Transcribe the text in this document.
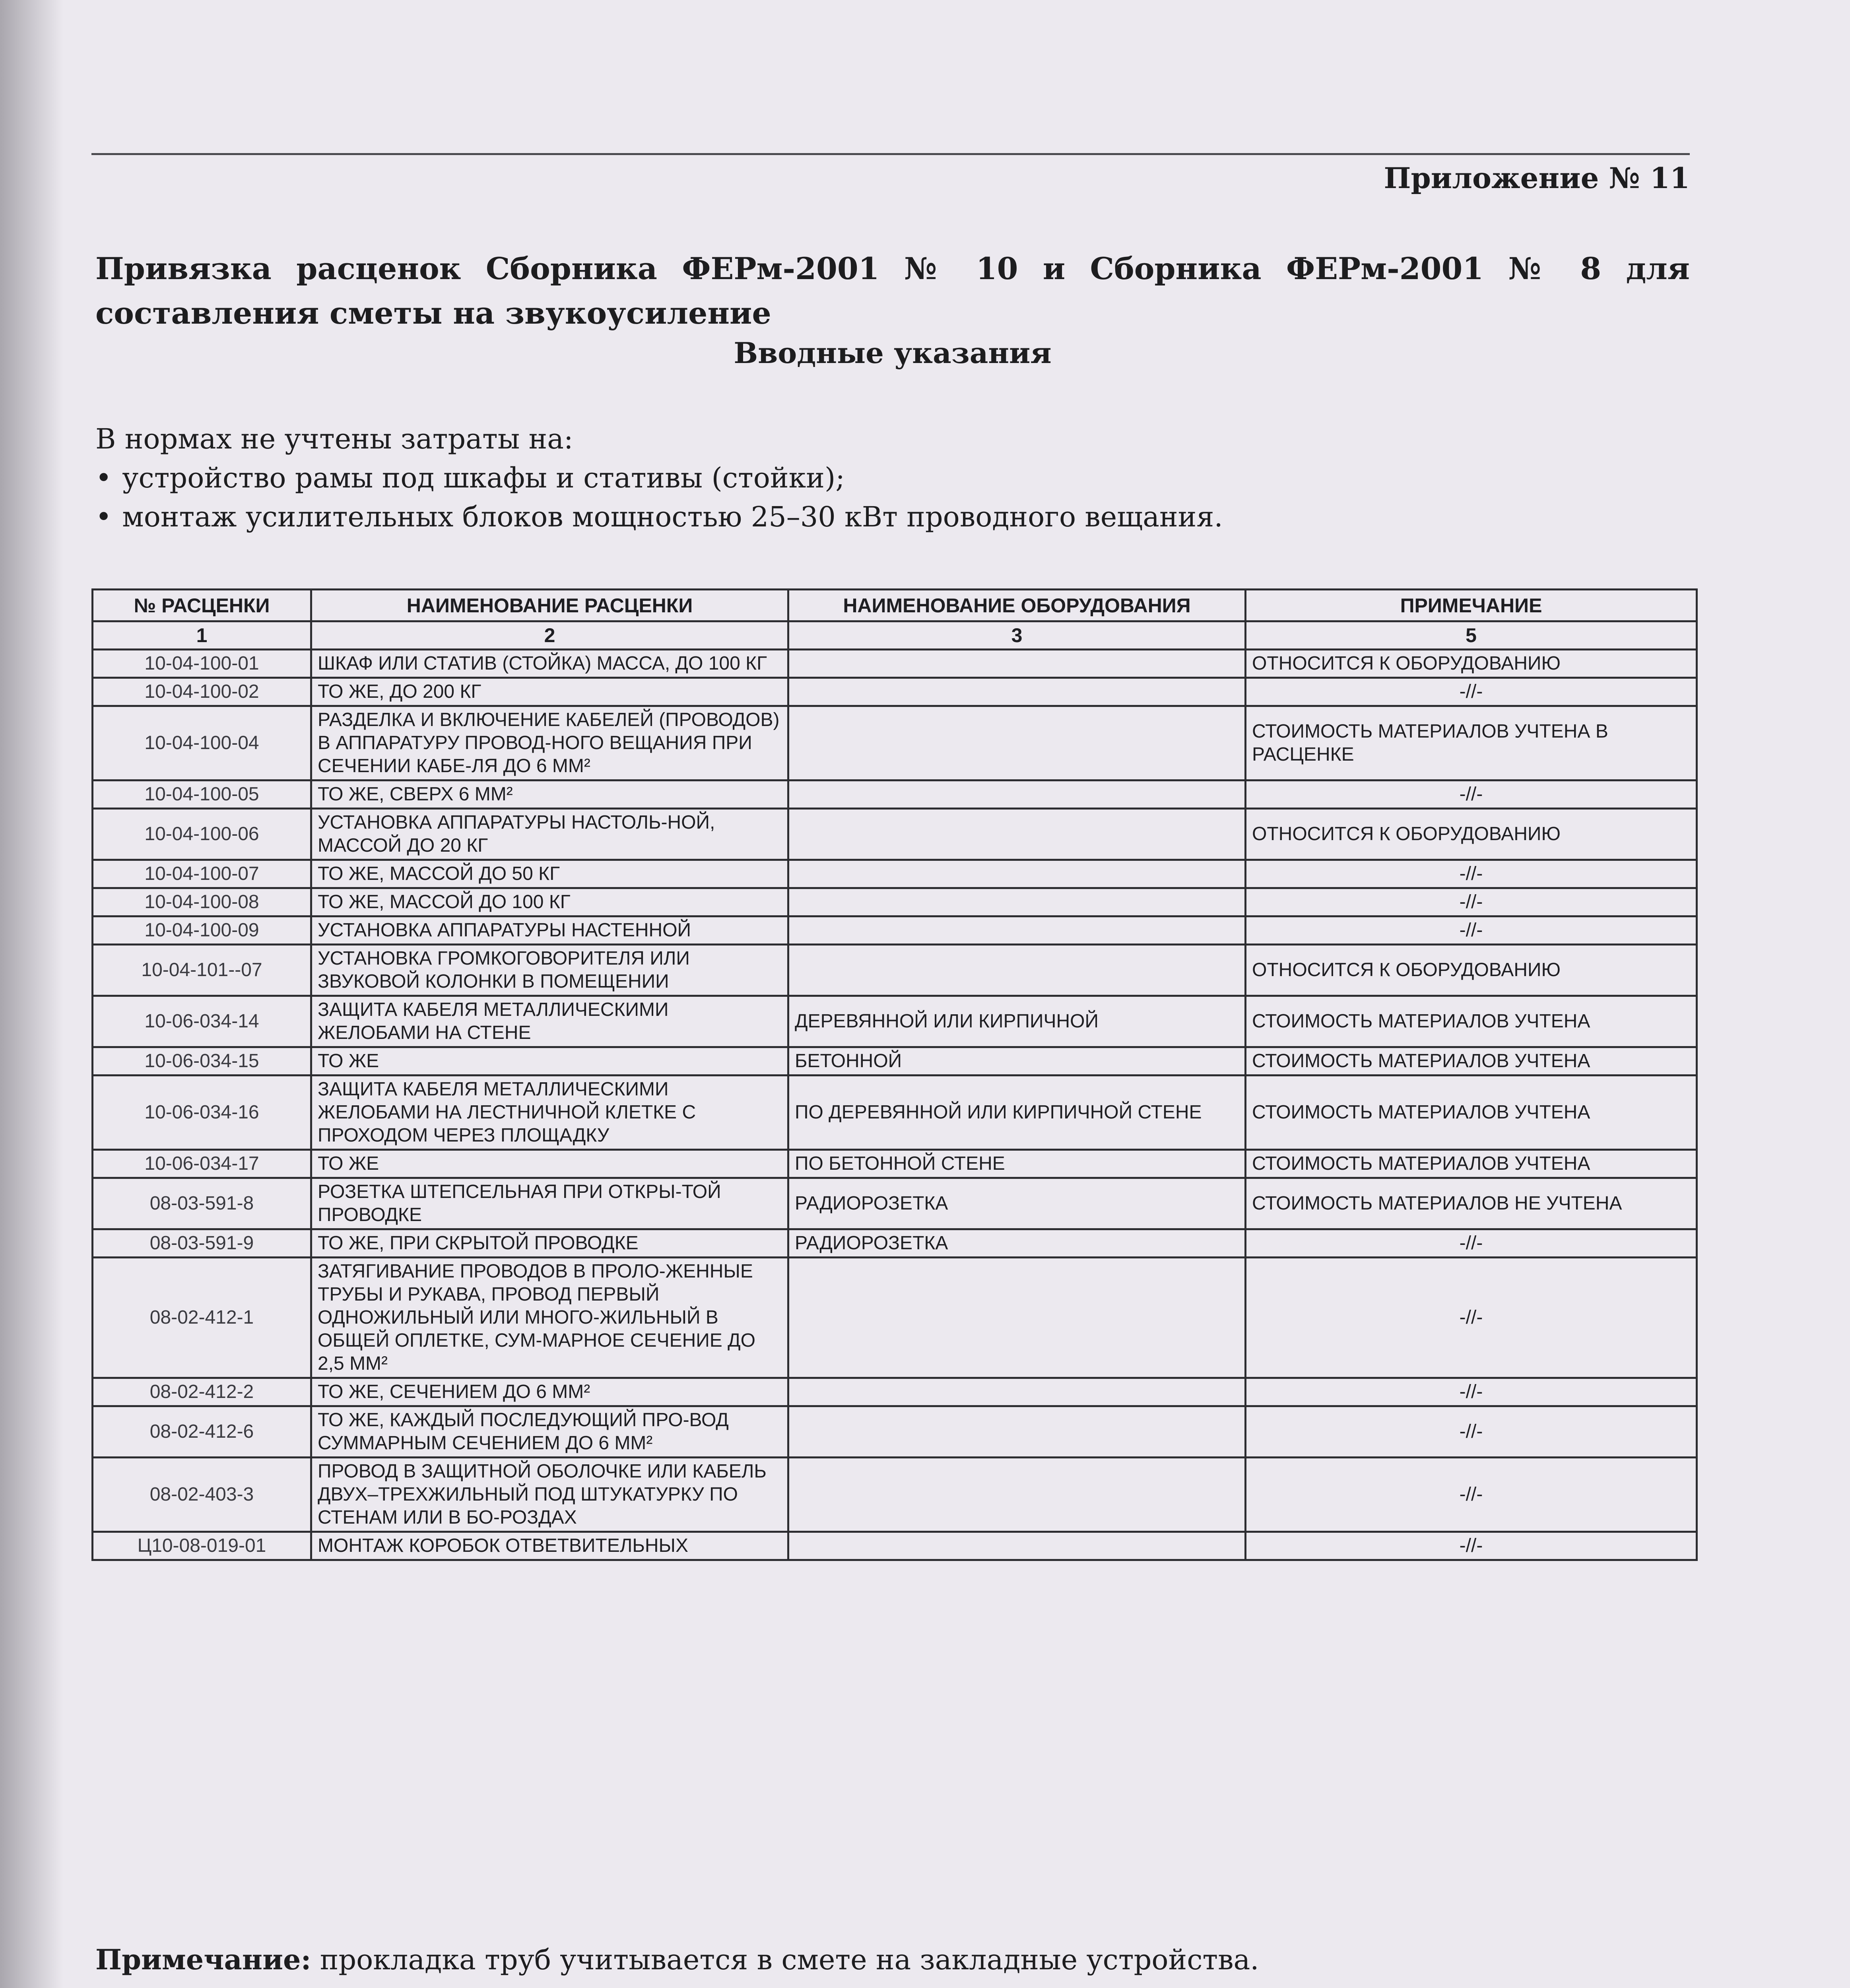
Приложение № 11
Привязка расценок Сборника ФЕРм-2001 № 10 и Сборника ФЕРм-2001 № 8 для составления сметы на звукоусиление
Вводные указания

В нормах не учтены затраты на:

• устройство рамы под шкафы и стативы (стойки);

• монтаж усилительных блоков мощностью 25–30 кВт проводного вещания.

№ РАСЦЕНКИ	НАИМЕНОВАНИЕ РАСЦЕНКИ	НАИМЕНОВАНИЕ ОБОРУДОВАНИЯ	ПРИМЕЧАНИЕ
1	2	3	5
10-04-100-01	ШКАФ ИЛИ СТАТИВ (СТОЙКА) МАССА, ДО 100 КГ		ОТНОСИТСЯ К ОБОРУДОВАНИЮ
10-04-100-02	ТО ЖЕ, ДО 200 КГ		-//-
10-04-100-04	РАЗДЕЛКА И ВКЛЮЧЕНИЕ КАБЕЛЕЙ (ПРОВОДОВ) В АППАРАТУРУ ПРОВОД-НОГО ВЕЩАНИЯ ПРИ СЕЧЕНИИ КАБЕ-ЛЯ ДО 6 ММ²		СТОИМОСТЬ МАТЕРИАЛОВ УЧТЕНА В РАСЦЕНКЕ
10-04-100-05	ТО ЖЕ, СВЕРХ 6 ММ²		-//-
10-04-100-06	УСТАНОВКА АППАРАТУРЫ НАСТОЛЬ-НОЙ, МАССОЙ ДО 20 КГ		ОТНОСИТСЯ К ОБОРУДОВАНИЮ
10-04-100-07	ТО ЖЕ, МАССОЙ ДО 50 КГ		-//-
10-04-100-08	ТО ЖЕ, МАССОЙ ДО 100 КГ		-//-
10-04-100-09	УСТАНОВКА АППАРАТУРЫ НАСТЕННОЙ		-//-
10-04-101--07	УСТАНОВКА ГРОМКОГОВОРИТЕЛЯ ИЛИ ЗВУКОВОЙ КОЛОНКИ В ПОМЕЩЕНИИ		ОТНОСИТСЯ К ОБОРУДОВАНИЮ
10-06-034-14	ЗАЩИТА КАБЕЛЯ МЕТАЛЛИЧЕСКИМИ ЖЕЛОБАМИ НА СТЕНЕ	ДЕРЕВЯННОЙ ИЛИ КИРПИЧНОЙ	СТОИМОСТЬ МАТЕРИАЛОВ УЧТЕНА
10-06-034-15	ТО ЖЕ	БЕТОННОЙ	СТОИМОСТЬ МАТЕРИАЛОВ УЧТЕНА
10-06-034-16	ЗАЩИТА КАБЕЛЯ МЕТАЛЛИЧЕСКИМИ ЖЕЛОБАМИ НА ЛЕСТНИЧНОЙ КЛЕТКЕ С ПРОХОДОМ ЧЕРЕЗ ПЛОЩАДКУ	ПО ДЕРЕВЯННОЙ ИЛИ КИРПИЧНОЙ СТЕНЕ	СТОИМОСТЬ МАТЕРИАЛОВ УЧТЕНА
10-06-034-17	ТО ЖЕ	ПО БЕТОННОЙ СТЕНЕ	СТОИМОСТЬ МАТЕРИАЛОВ УЧТЕНА
08-03-591-8	РОЗЕТКА ШТЕПСЕЛЬНАЯ ПРИ ОТКРЫ-ТОЙ ПРОВОДКЕ	РАДИОРОЗЕТКА	СТОИМОСТЬ МАТЕРИАЛОВ НЕ УЧТЕНА
08-03-591-9	ТО ЖЕ, ПРИ СКРЫТОЙ ПРОВОДКЕ	РАДИОРОЗЕТКА	-//-
08-02-412-1	ЗАТЯГИВАНИЕ ПРОВОДОВ В ПРОЛО-ЖЕННЫЕ ТРУБЫ И РУКАВА, ПРОВОД ПЕРВЫЙ ОДНОЖИЛЬНЫЙ ИЛИ МНОГО-ЖИЛЬНЫЙ В ОБЩЕЙ ОПЛЕТКЕ, СУМ-МАРНОЕ СЕЧЕНИЕ ДО 2,5 ММ²		-//-
08-02-412-2	ТО ЖЕ, СЕЧЕНИЕМ ДО 6 ММ²		-//-
08-02-412-6	ТО ЖЕ, КАЖДЫЙ ПОСЛЕДУЮЩИЙ ПРО-ВОД СУММАРНЫМ СЕЧЕНИЕМ ДО 6 ММ²		-//-
08-02-403-3	ПРОВОД В ЗАЩИТНОЙ ОБОЛОЧКЕ ИЛИ КАБЕЛЬ ДВУХ–ТРЕХЖИЛЬНЫЙ ПОД ШТУКАТУРКУ ПО СТЕНАМ ИЛИ В БО-РОЗДАХ		-//-
Ц10-08-019-01	МОНТАЖ КОРОБОК ОТВЕТВИТЕЛЬНЫХ		-//-
Примечание: прокладка труб учитывается в смете на закладные устройства.
